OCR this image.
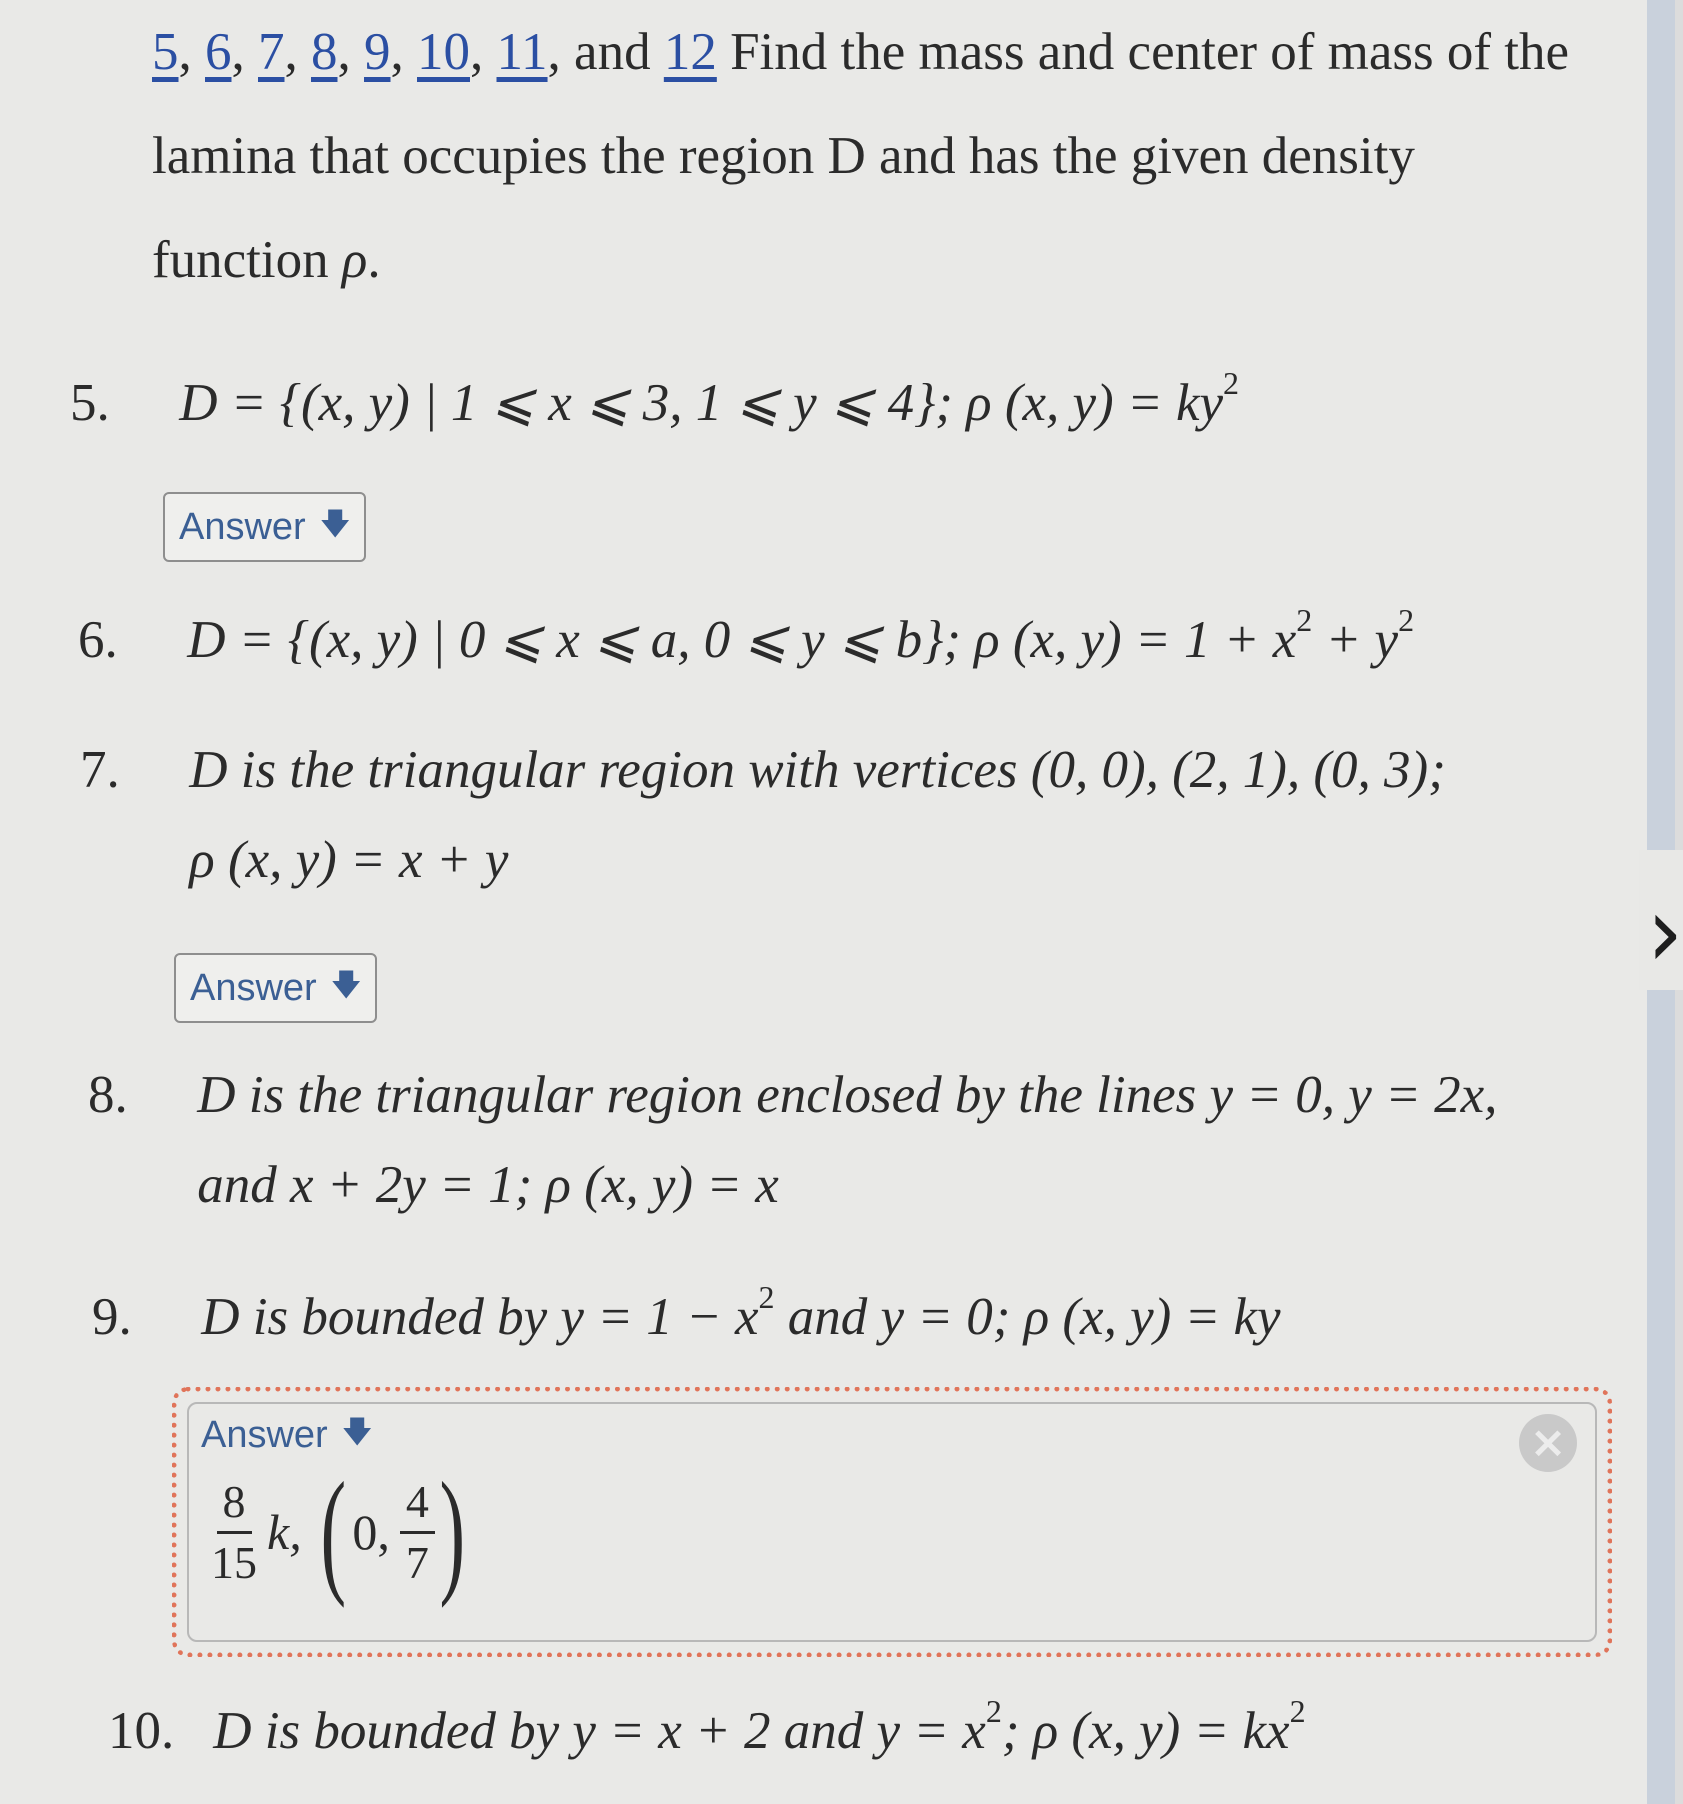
›
5, 6, 7, 8, 9, 10, 11, and 12 Find the mass and center of mass of the lamina that occupies the region D and has the given density function ρ.
5. D = {(x, y) | 1 ⩽ x ⩽ 3, 1 ⩽ y ⩽ 4}; ρ (x, $y) = ky^2$
Answer 🡇
6. D = {(x, y) | 0 ⩽ x ⩽ a, 0 ⩽ y ⩽ b}; ρ (x, $y) = 1 + x^2 + y^2$
7. D is the triangular region with vertices (0, 0), (2, 1), (0, 3);
ρ (x, y) = x + y
Answer 🡇
8. D is the triangular region enclosed by the lines y = 0, y = 2x,
and x + 2y = 1; ρ (x, y) = x
9. D is bounded by $y = 1 - x^2$ and y = 0; ρ (x, y) = ky
Answer 🡇	×
$\frac{8}{15} k$, ( 0, $\frac{4}{7}$ )
10. D is bounded by y = x + 2 and $y = x^2$; ρ (x, $y) = kx^2$
